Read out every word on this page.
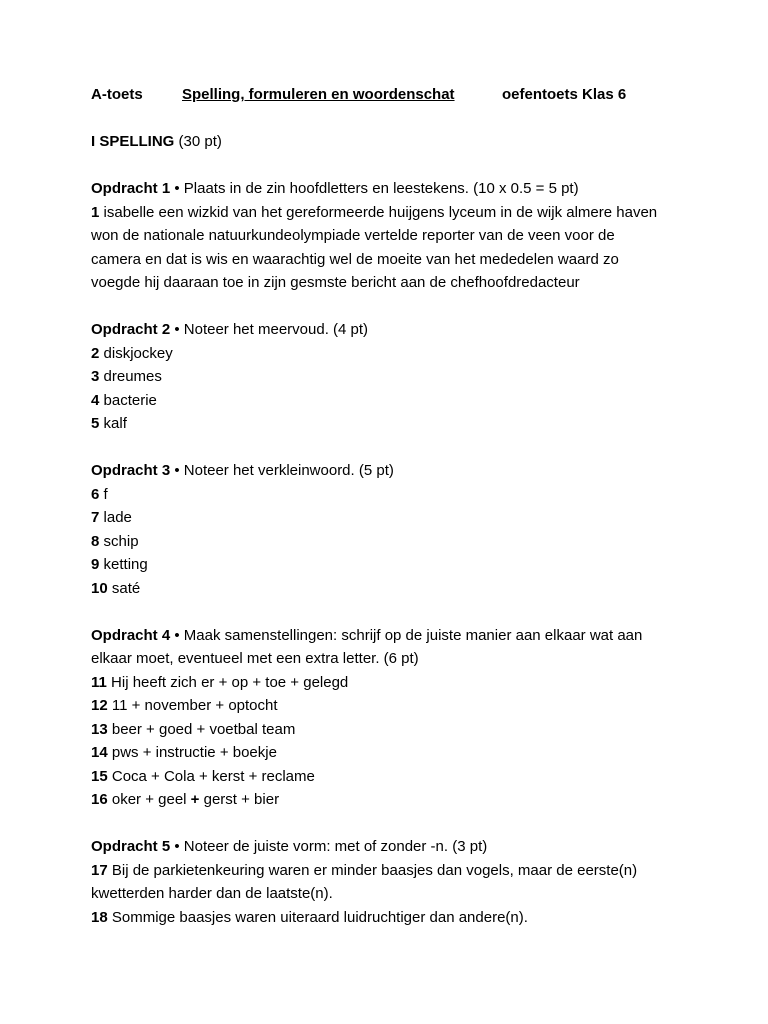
A-toets	Spelling, formuleren en woordenschat	oefentoets Klas 6
I SPELLING (30 pt)
Opdracht 1 • Plaats in de zin hoofdletters en leestekens. (10 x 0.5 = 5 pt)
1 isabelle een wizkid van het gereformeerde huijgens lyceum in de wijk almere haven
won de nationale natuurkundeolympiade vertelde reporter van de veen voor de
camera en dat is wis en waarachtig wel de moeite van het mededelen waard zo
voegde hij daaraan toe in zijn gesmste bericht aan de chefhoofdredacteur
Opdracht 2 • Noteer het meervoud. (4 pt)
2 diskjockey
3 dreumes
4 bacterie
5 kalf
Opdracht 3 • Noteer het verkleinwoord. (5 pt)
6 f
7 lade
8 schip
9 ketting
10 saté
Opdracht 4 • Maak samenstellingen: schrijf op de juiste manier aan elkaar wat aan
elkaar moet, eventueel met een extra letter. (6 pt)
11 Hij heeft zich er + op + toe + gelegd
12 11 + november + optocht
13 beer + goed + voetbal team
14 pws + instructie + boekje
15 Coca + Cola + kerst + reclame
16 oker + geel + gerst + bier
Opdracht 5 • Noteer de juiste vorm: met of zonder -n. (3 pt)
17 Bij de parkietenkeuring waren er minder baasjes dan vogels, maar de eerste(n)
kwetterden harder dan de laatste(n).
18 Sommige baasjes waren uiteraard luidruchtiger dan andere(n).
